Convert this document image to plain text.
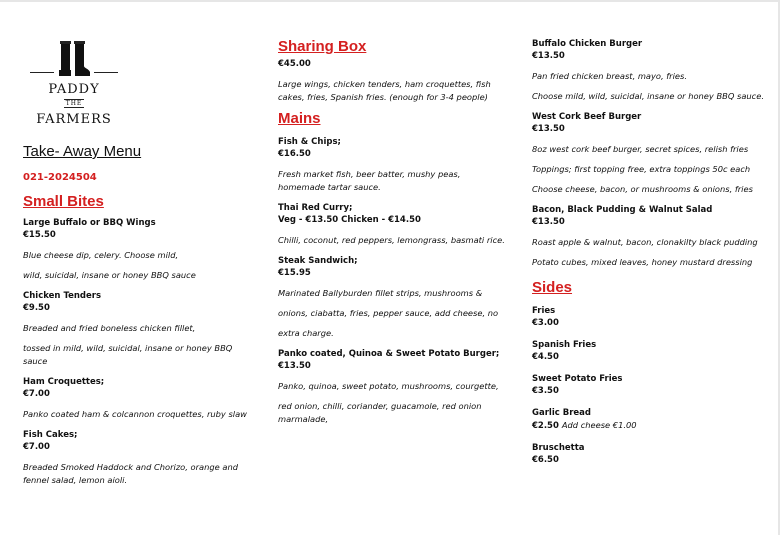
PADDY
THE
FARMERS
Take- Away Menu
021-2024504
Small Bites
Large Buffalo or BBQ Wings
€15.50
Blue cheese dip, celery. Choose mild,
wild, suicidal, insane or honey BBQ sauce
Chicken Tenders
€9.50
Breaded and fried boneless chicken fillet,
tossed in mild, wild, suicidal, insane or honey BBQ sauce
Ham Croquettes;
€7.00
Panko coated ham & colcannon croquettes, ruby slaw
Fish Cakes;
€7.00
Breaded Smoked Haddock and Chorizo, orange and fennel salad, lemon aioli.
Sharing Box
€45.00
Large wings, chicken tenders, ham croquettes, fish cakes, fries, Spanish fries. (enough for 3-4 people)
Mains
Fish & Chips;
€16.50
Fresh market fish, beer batter, mushy peas, homemade tartar sauce.
Thai Red Curry;
Veg - €13.50 Chicken - €14.50
Chilli, coconut, red peppers, lemongrass, basmati rice.
Steak Sandwich;
€15.95
Marinated Ballyburden fillet strips, mushrooms &
onions, ciabatta, fries, pepper sauce, add cheese, no
extra charge.
Panko coated, Quinoa & Sweet Potato Burger;
€13.50
Panko, quinoa, sweet potato, mushrooms, courgette,
red onion, chilli, coriander, guacamole, red onion marmalade,
Buffalo Chicken Burger
€13.50
Pan fried chicken breast, mayo, fries.
Choose mild, wild, suicidal, insane or honey BBQ sauce.
West Cork Beef Burger
€13.50
8oz west cork beef burger, secret spices, relish fries
Toppings; first topping free, extra toppings 50c each
Choose cheese, bacon, or mushrooms & onions, fries
Bacon, Black Pudding & Walnut Salad
€13.50
Roast apple & walnut, bacon, clonakilty black pudding
Potato cubes, mixed leaves, honey mustard dressing
Sides
Fries
€3.00
Spanish Fries
€4.50
Sweet Potato Fries
€3.50
Garlic Bread
€2.50 Add cheese €1.00
Bruschetta
€6.50
